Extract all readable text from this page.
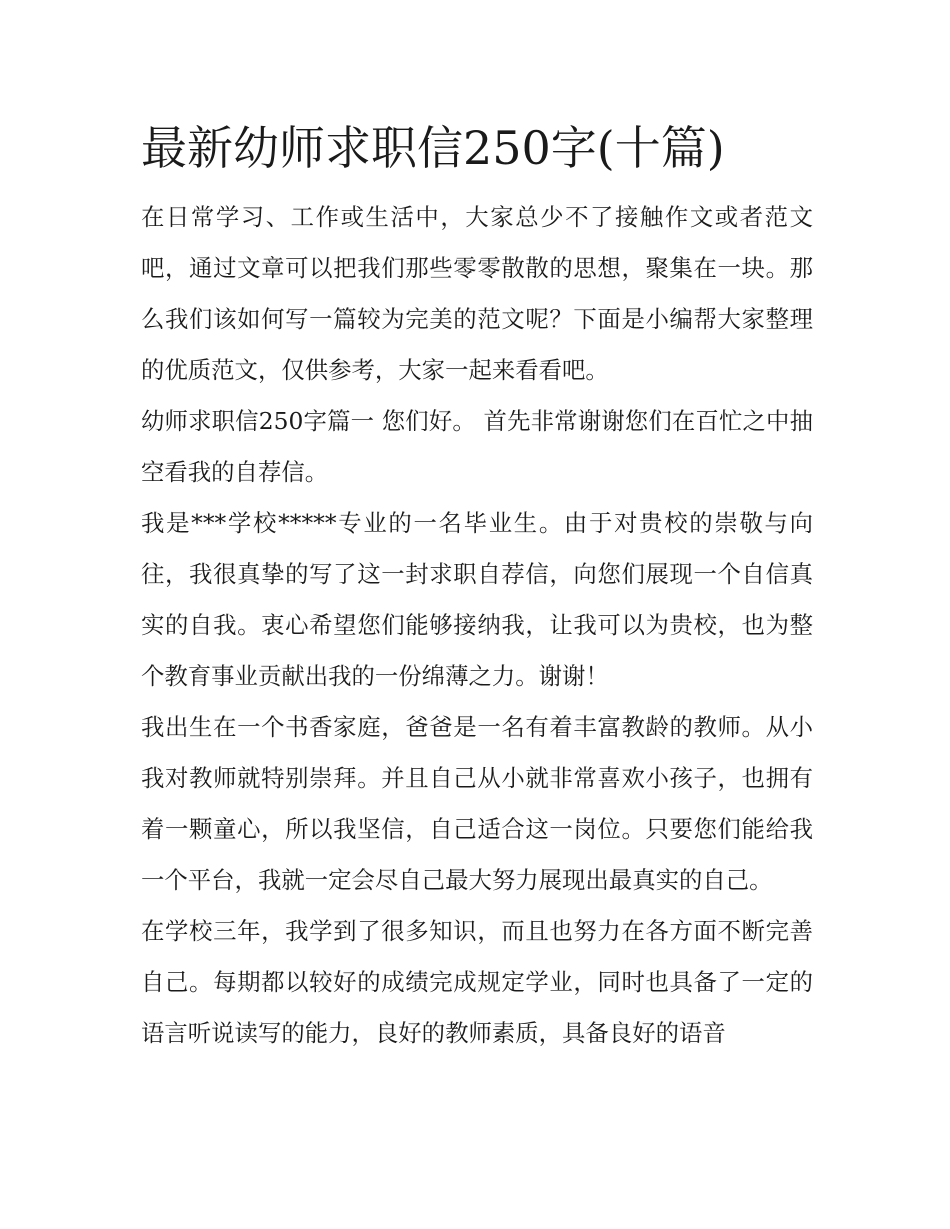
最新幼师求职信250字(十篇)

在日常学习、工作或生活中，大家总少不了接触作文或者范文吧，通过文章可以把我们那些零零散散的思想，聚集在一块。那么我们该如何写一篇较为完美的范文呢？下面是小编帮大家整理的优质范文，仅供参考，大家一起来看看吧。

幼师求职信250字篇一 您们好。 首先非常谢谢您们在百忙之中抽空看我的自荐信。

我是***学校*****专业的一名毕业生。由于对贵校的崇敬与向往，我很真挚的写了这一封求职自荐信，向您们展现一个自信真实的自我。衷心希望您们能够接纳我，让我可以为贵校，也为整个教育事业贡献出我的一份绵薄之力。谢谢！

我出生在一个书香家庭，爸爸是一名有着丰富教龄的教师。从小我对教师就特别崇拜。并且自己从小就非常喜欢小孩子，也拥有着一颗童心，所以我坚信，自己适合这一岗位。只要您们能给我一个平台，我就一定会尽自己最大努力展现出最真实的自己。

在学校三年，我学到了很多知识，而且也努力在各方面不断完善自己。每期都以较好的成绩完成规定学业，同时也具备了一定的语言听说读写的能力，良好的教师素质，具备良好的语音
